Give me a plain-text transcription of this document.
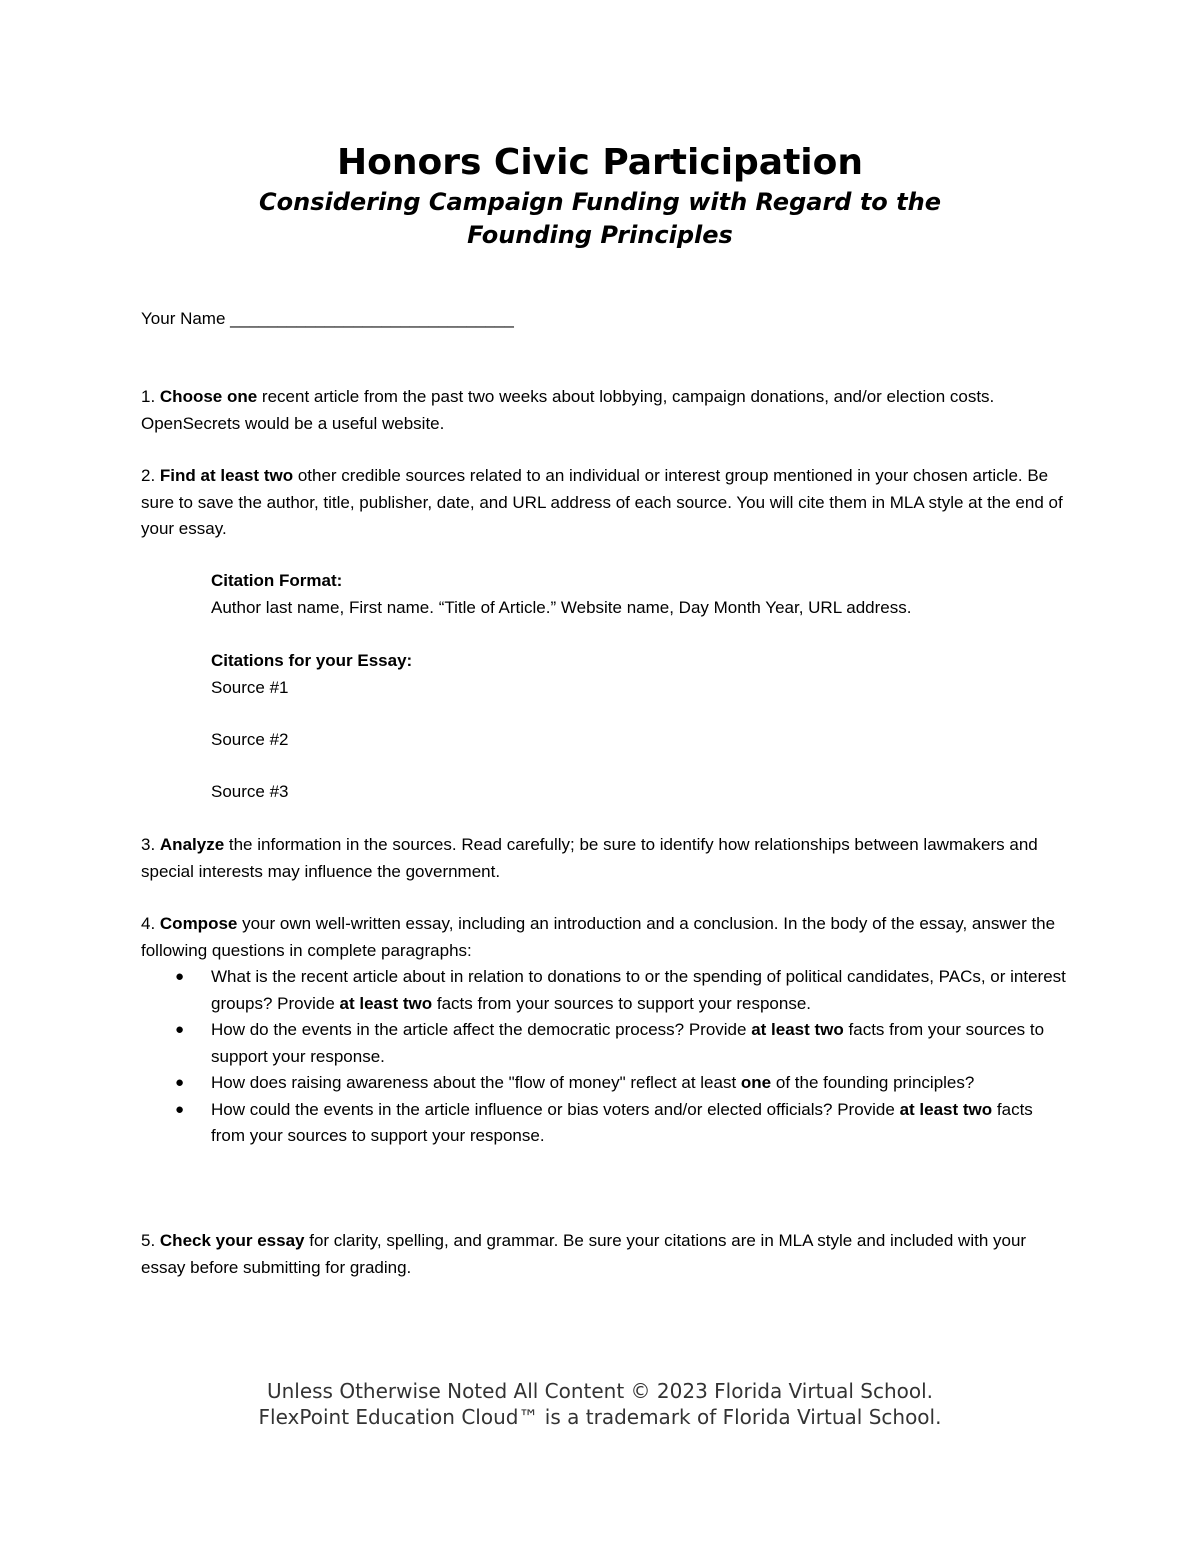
Honors Civic Participation
Considering Campaign Funding with Regard to the
Founding Principles
Your Name ______________________________
1. Choose one recent article from the past two weeks about lobbying, campaign donations, and/or election costs. OpenSecrets would be a useful website.
2. Find at least two other credible sources related to an individual or interest group mentioned in your chosen article. Be sure to save the author, title, publisher, date, and URL address of each source. You will cite them in MLA style at the end of your essay.
Citation Format:
Author last name, First name. “Title of Article.” Website name, Day Month Year, URL address.
Citations for your Essay:
Source #1
Source #2
Source #3
3. Analyze the information in the sources. Read carefully; be sure to identify how relationships between lawmakers and special interests may influence the government.
4. Compose your own well-written essay, including an introduction and a conclusion. In the body of the essay, answer the following questions in complete paragraphs:
● What is the recent article about in relation to donations to or the spending of political candidates, PACs, or interest groups? Provide at least two facts from your sources to support your response.
● How do the events in the article affect the democratic process? Provide at least two facts from your sources to support your response.
● How does raising awareness about the "flow of money" reflect at least one of the founding principles?
● How could the events in the article influence or bias voters and/or elected officials? Provide at least two facts from your sources to support your response.
5. Check your essay for clarity, spelling, and grammar. Be sure your citations are in MLA style and included with your essay before submitting for grading.
Unless Otherwise Noted All Content © 2023 Florida Virtual School.
FlexPoint Education Cloud™ is a trademark of Florida Virtual School.
